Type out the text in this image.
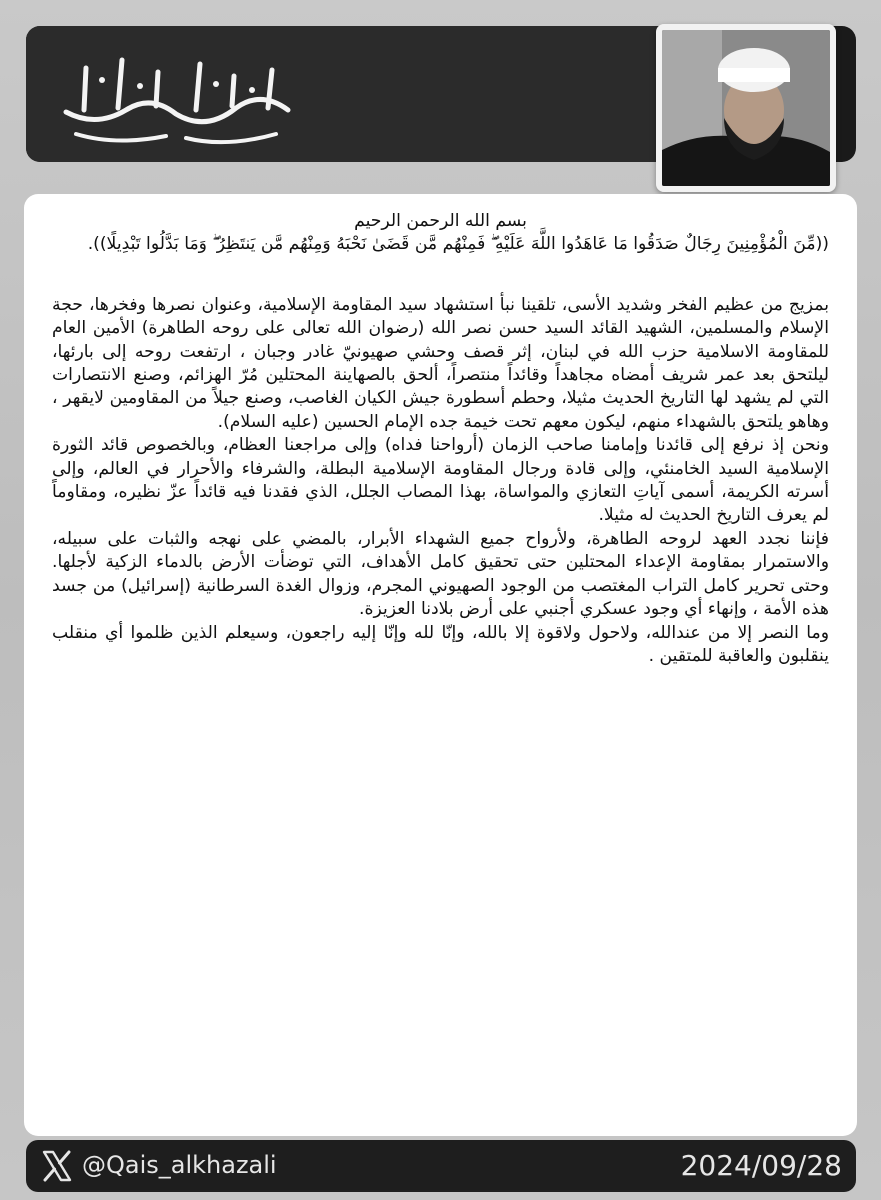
بسم الله الرحمن الرحيم

((مِّنَ الْمُؤْمِنِينَ رِجَالٌ صَدَقُوا مَا عَاهَدُوا اللَّهَ عَلَيْهِ ۖ فَمِنْهُم مَّن قَضَىٰ نَحْبَهُ وَمِنْهُم مَّن يَنتَظِرُ ۖ وَمَا بَدَّلُوا تَبْدِيلًا)).

بمزيج من عظيم الفخر وشديد الأسى، تلقينا نبأ استشهاد سيد المقاومة الإسلامية، وعنوان نصرها وفخرها، حجة الإسلام والمسلمين، الشهيد القائد السيد حسن نصر الله (رضوان الله تعالى على روحه الطاهرة) الأمين العام للمقاومة الاسلامية حزب الله في لبنان، إثر قصف وحشي صهيونيّ غادر وجبان ، ارتفعت روحه إلى بارئها، ليلتحق بعد عمر شريف أمضاه مجاهداً وقائداً منتصراً، ألحق بالصهاينة المحتلين مُرّ الهزائم، وصنع الانتصارات التي لم يشهد لها التاريخ الحديث مثيلا، وحطم أسطورة جيش الكيان الغاصب، وصنع جيلاً من المقاومين لايقهر ، وهاهو يلتحق بالشهداء منهم، ليكون معهم تحت خيمة جده الإمام الحسين (عليه السلام).

ونحن إذ نرفع إلى قائدنا وإمامنا صاحب الزمان (أرواحنا فداه) وإلى مراجعنا العظام، وبالخصوص قائد الثورة الإسلامية السيد الخامنئي، وإلى قادة ورجال المقاومة الإسلامية البطلة، والشرفاء والأحرار في العالم، وإلى أسرته الكريمة، أسمى آياتِ التعازي والمواساة، بهذا المصاب الجلل، الذي فقدنا فيه قائداً عزّ نظيره، ومقاوماً لم يعرف التاريخ الحديث له مثيلا.

فإننا نجدد العهد لروحه الطاهرة، ولأرواح جميع الشهداء الأبرار، بالمضي على نهجه والثبات على سبيله، والاستمرار بمقاومة الإعداء المحتلين حتى تحقيق كامل الأهداف، التي توضأت الأرض بالدماء الزكية لأجلها. وحتى تحرير كامل التراب المغتصب من الوجود الصهيوني المجرم، وزوال الغدة السرطانية (إسرائيل) من جسد هذه الأمة ، وإنهاء أي وجود عسكري أجنبي على أرض بلادنا العزيزة.

وما النصر إلا من عندالله، ولاحول ولاقوة إلا بالله، وإنّا لله وإنّا إليه راجعون، وسيعلم الذين ظلموا أي منقلب ينقلبون والعاقبة للمتقين .

@Qais_alkhazali	2024/09/28
